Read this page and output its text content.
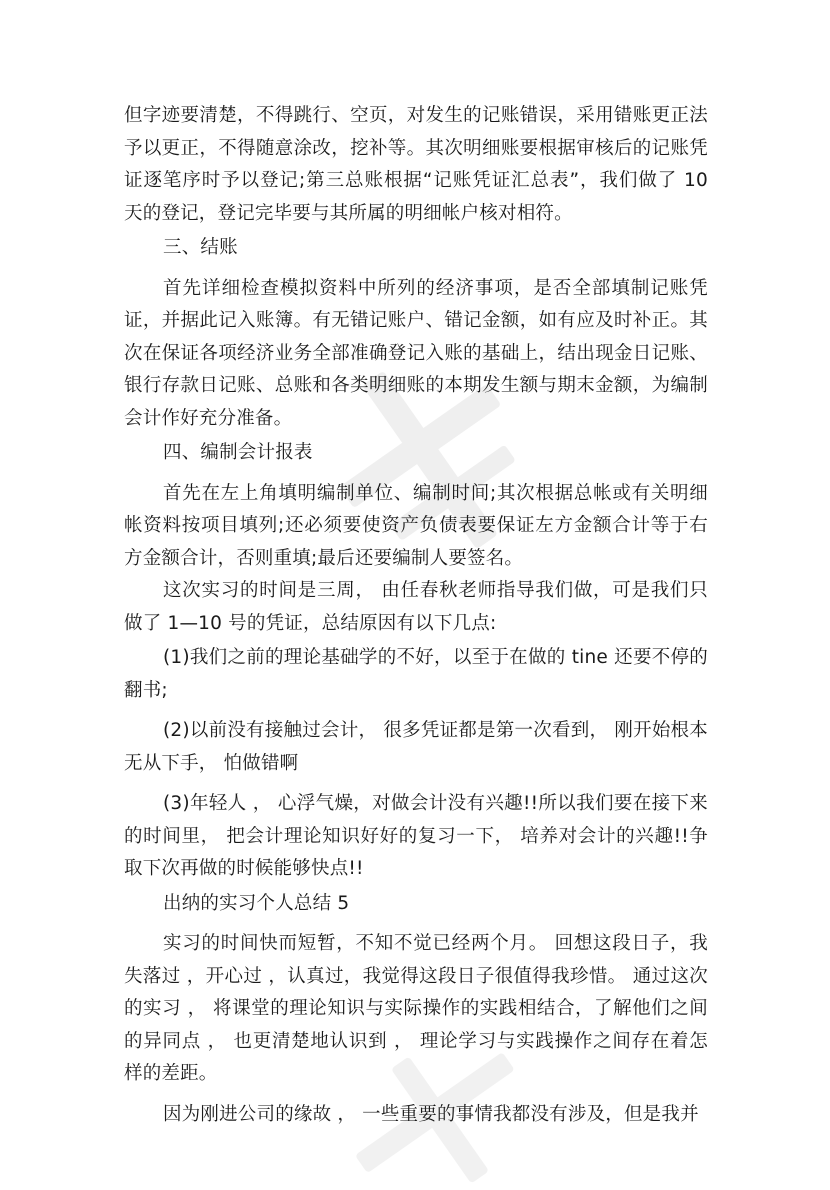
但字迹要清楚，不得跳行、空页，对发生的记账错误，采用错账更正法予以更正，不得随意涂改，挖补等。其次明细账要根据审核后的记账凭证逐笔序时予以登记;第三总账根据“记账凭证汇总表”，我们做了 10 天的登记，登记完毕要与其所属的明细帐户核对相符。

三、结账

首先详细检查模拟资料中所列的经济事项，是否全部填制记账凭证，并据此记入账簿。有无错记账户、错记金额，如有应及时补正。其次在保证各项经济业务全部准确登记入账的基础上，结出现金日记账、银行存款日记账、总账和各类明细账的本期发生额与期末金额，为编制会计作好充分准备。

四、编制会计报表

首先在左上角填明编制单位、编制时间;其次根据总帐或有关明细帐资料按项目填列;还必须要使资产负债表要保证左方金额合计等于右方金额合计，否则重填;最后还要编制人要签名。

这次实习的时间是三周， 由任春秋老师指导我们做，可是我们只做了 1—10 号的凭证，总结原因有以下几点:

(1)我们之前的理论基础学的不好，以至于在做的 tine 还要不停的翻书;

(2)以前没有接触过会计， 很多凭证都是第一次看到， 刚开始根本无从下手， 怕做错啊

(3)年轻人 ， 心浮气燥，对做会计没有兴趣!!所以我们要在接下来的时间里， 把会计理论知识好好的复习一下， 培养对会计的兴趣!!争取下次再做的时候能够快点!!

出纳的实习个人总结 5

实习的时间快而短暂，不知不觉已经两个月。 回想这段日子，我失落过 ，开心过 ，认真过，我觉得这段日子很值得我珍惜。 通过这次的实习 ， 将课堂的理论知识与实际操作的实践相结合，了解他们之间的异同点 ， 也更清楚地认识到 ， 理论学习与实践操作之间存在着怎样的差距。

因为刚进公司的缘故 ， 一些重要的事情我都没有涉及，但是我并
